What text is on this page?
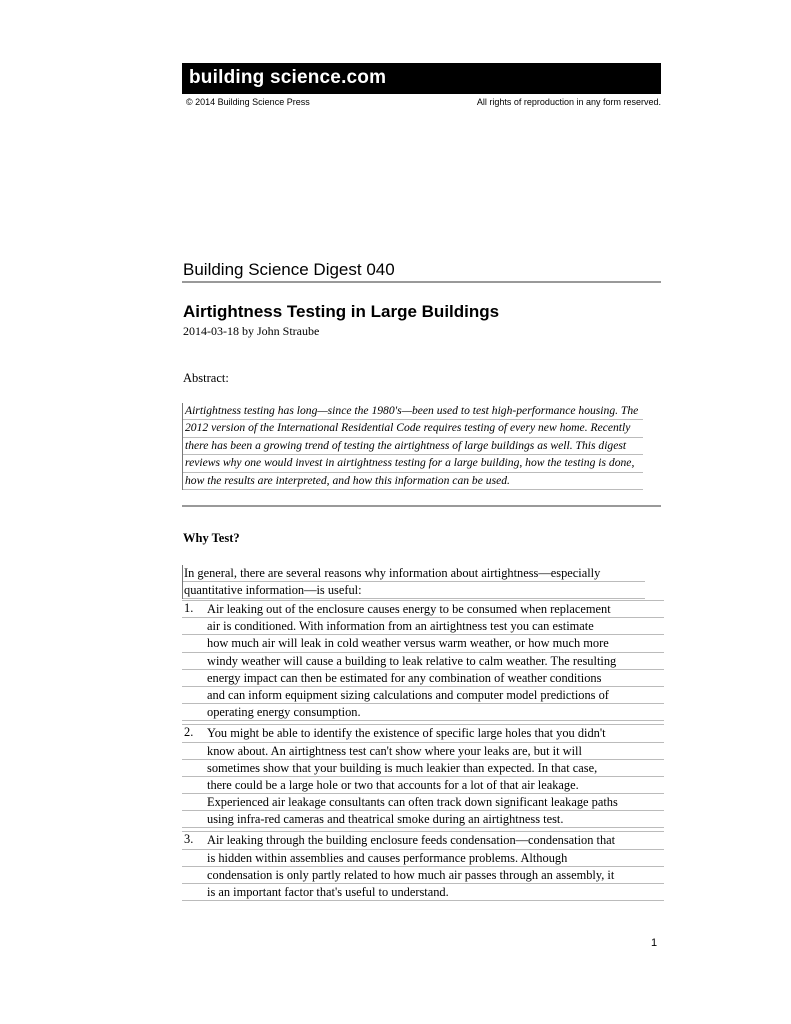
building science.com
© 2014 Building Science Press	All rights of reproduction in any form reserved.
Building Science Digest 040
Airtightness Testing in Large Buildings
2014-03-18 by John Straube
Abstract:
Airtightness testing has long—since the 1980's—been used to test high-performance housing. The
2012 version of the International Residential Code requires testing of every new home. Recently
there has been a growing trend of testing the airtightness of large buildings as well. This digest
reviews why one would invest in airtightness testing for a large building, how the testing is done,
how the results are interpreted, and how this information can be used.
Why Test?
In general, there are several reasons why information about airtightness—especially
quantitative information—is useful:
1.	Air leaking out of the enclosure causes energy to be consumed when replacement
air is conditioned. With information from an airtightness test you can estimate
how much air will leak in cold weather versus warm weather, or how much more
windy weather will cause a building to leak relative to calm weather. The resulting
energy impact can then be estimated for any combination of weather conditions
and can inform equipment sizing calculations and computer model predictions of
operating energy consumption.
2.	You might be able to identify the existence of specific large holes that you didn't
know about. An airtightness test can't show where your leaks are, but it will
sometimes show that your building is much leakier than expected. In that case,
there could be a large hole or two that accounts for a lot of that air leakage.
Experienced air leakage consultants can often track down significant leakage paths
using infra-red cameras and theatrical smoke during an airtightness test.
3.	Air leaking through the building enclosure feeds condensation—condensation that
is hidden within assemblies and causes performance problems. Although
condensation is only partly related to how much air passes through an assembly, it
is an important factor that's useful to understand.
1
